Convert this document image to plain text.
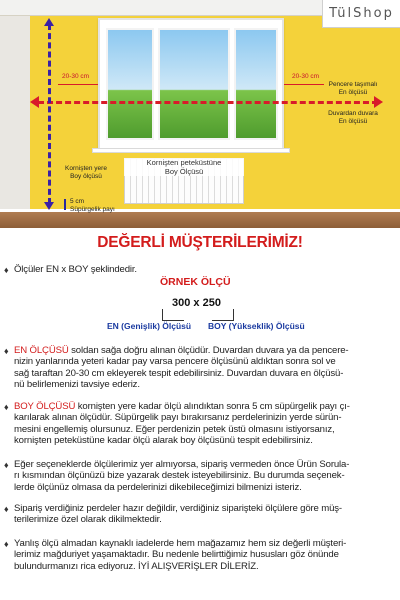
Kornişten peteküstüne
Boy Ölçüsü
20-30 cm	20-30 cm
Pencere taşımalı
En ölçüsü
Duvardan duvara
En ölçüsü
Kornişten yere
Boy ölçüsü
5 cm
Süpürgelik payı
TülShop
DEĞERLİ MÜŞTERİLERİMİZ!
♦ Ölçüler EN x BOY şeklindedir.
ÖRNEK ÖLÇÜ
300 x 250
EN (Genişlik) Ölçüsü BOY (Yükseklik) Ölçüsü
♦ EN ÖLÇÜSÜ soldan sağa doğru alınan ölçüdür. Duvardan duvara ya da pencere-
nizin yanlarında yeteri kadar pay varsa pencere ölçüsünü aldıktan sonra sol ve
sağ taraftan 20-30 cm ekleyerek tespit edebilirsiniz. Duvardan duvara en ölçüsü-
nü belirlemenizi tavsiye ederiz.
♦ BOY ÖLÇÜSÜ kornişten yere kadar ölçü alındıktan sonra 5 cm süpürgelik payı çı-
karılarak alınan ölçüdür. Süpürgelik payı bırakırsanız perdelerinizin yerde sürün-
mesini engellemiş olursunuz. Eğer perdenizin petek üstü olmasını istiyorsanız,
kornişten peteküstüne kadar ölçü alarak boy ölçüsünü tespit edebilirsiniz.
♦ Eğer seçeneklerde ölçülerimiz yer almıyorsa, sipariş vermeden önce Ürün Sorula-
rı kısmından ölçünüzü bize yazarak destek isteyebilirsiniz. Bu durumda seçenek-
lerde ölçünüz olmasa da perdelerinizi dikebileceğimizi bilmenizi isteriz.
♦ Sipariş verdiğiniz perdeler hazır değildir, verdiğiniz siparişteki ölçülere göre müş-
terilerimize özel olarak dikilmektedir.
♦ Yanlış ölçü almadan kaynaklı iadelerde hem mağazamız hem siz değerli müşteri-
lerimiz mağduriyet yaşamaktadır. Bu nedenle belirttiğimiz hususları göz önünde
bulundurmanızı rica ediyoruz. İYİ ALIŞVERİŞLER DİLERİZ.
